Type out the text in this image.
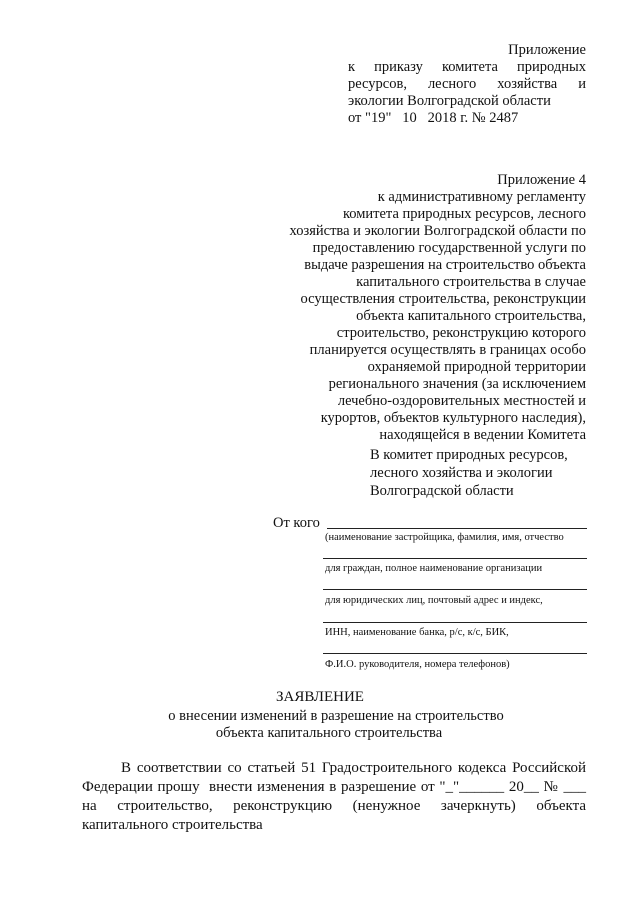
Приложение
к приказу комитета природных
ресурсов, лесного хозяйства и
экологии Волгоградской области
от "19"   10   2018 г. № 2487
Приложение 4
к административному регламенту
комитета природных ресурсов, лесного
хозяйства и экологии Волгоградской области по
предоставлению государственной услуги по
выдаче разрешения на строительство объекта
капитального строительства в случае
осуществления строительства, реконструкции
объекта капитального строительства,
строительство, реконструкцию которого
планируется осуществлять в границах особо
охраняемой природной территории
регионального значения (за исключением
лечебно-оздоровительных местностей и
курортов, объектов культурного наследия),
находящейся в ведении Комитета
В комитет природных ресурсов,
лесного хозяйства и экологии
Волгоградской области
От кого
(наименование застройщика, фамилия, имя, отчество
для граждан, полное наименование организации
для юридических лиц, почтовый адрес и индекс,
ИНН, наименование банка, р/с, к/с, БИК,
Ф.И.О. руководителя, номера телефонов)
ЗАЯВЛЕНИЕ
о внесении изменений в разрешение на строительство
объекта капитального строительства
В соответствии со статьей 51 Градостроительного кодекса Российской
Федерации прошу  внести изменения в разрешение от "_"______ 20__ № ___
на строительство, реконструкцию (ненужное зачеркнуть) объекта
капитального строительства
